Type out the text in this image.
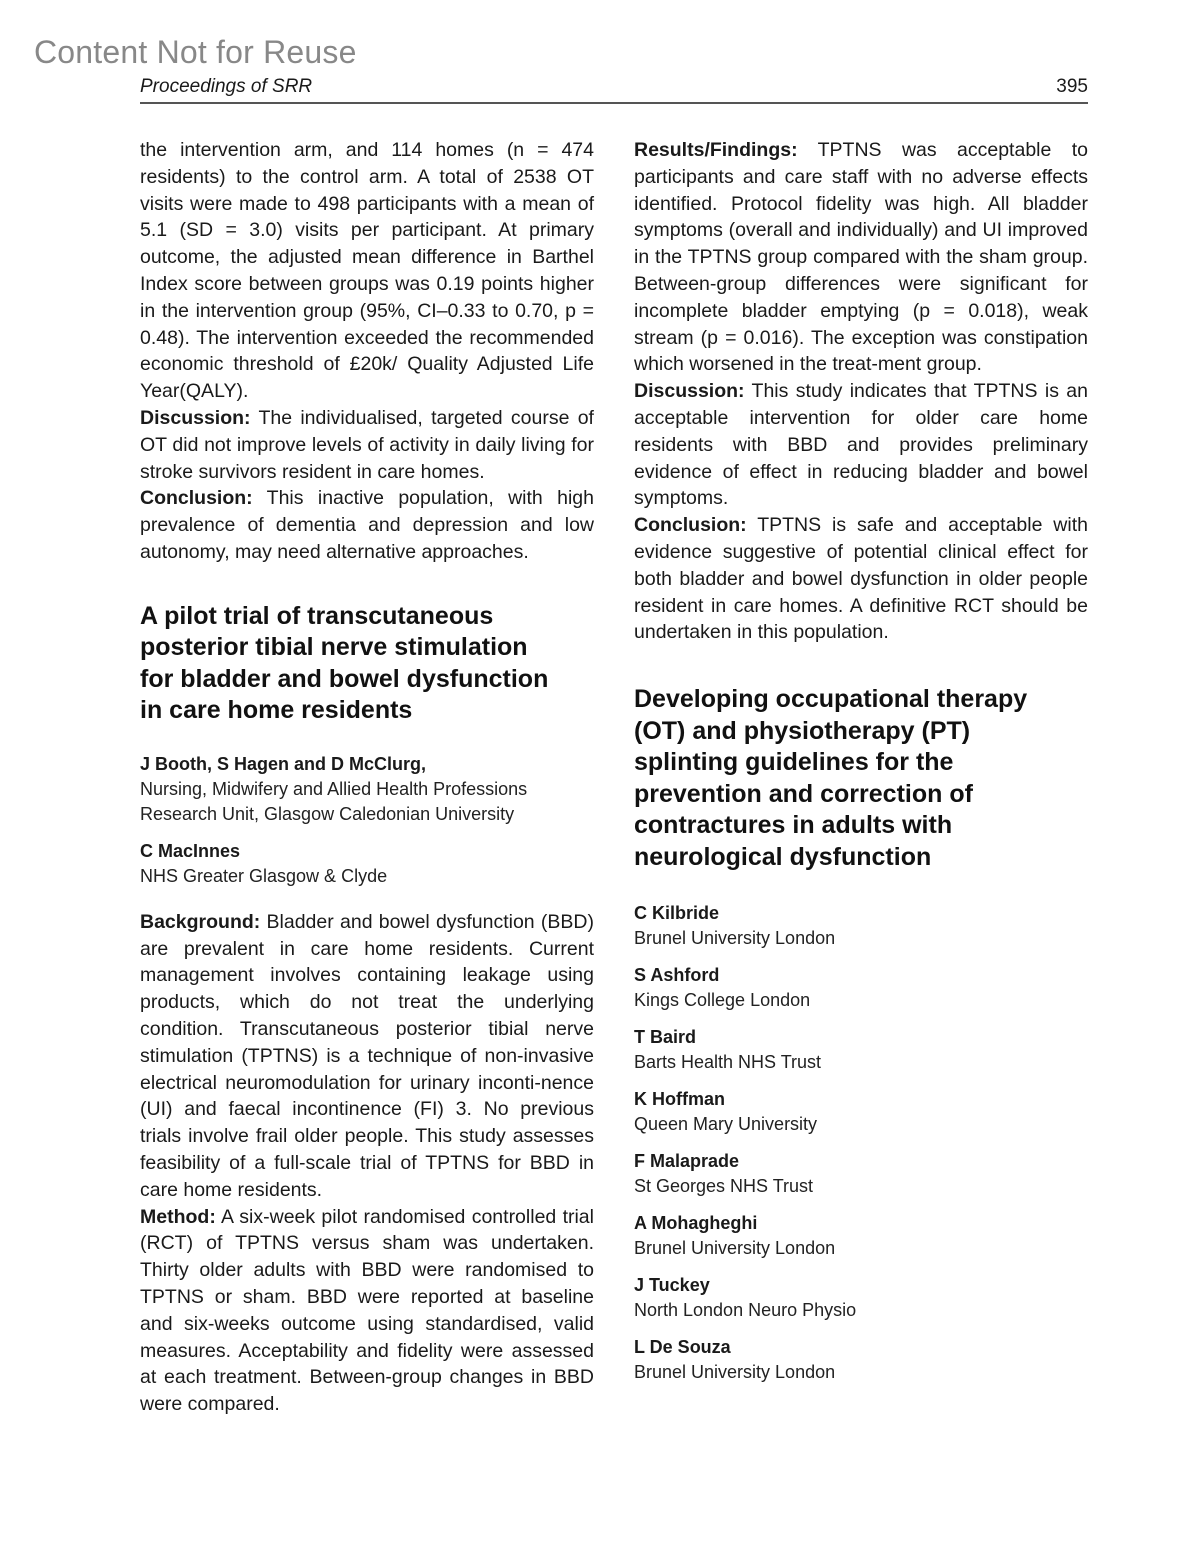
Content Not for Reuse
Proceedings of SRR	395

the intervention arm, and 114 homes (n = 474 residents) to the control arm. A total of 2538 OT visits were made to 498 participants with a mean of 5.1 (SD = 3.0) visits per participant. At primary outcome, the adjusted mean difference in Barthel Index score between groups was 0.19 points higher in the intervention group (95%, CI–0.33 to 0.70, p = 0.48). The intervention exceeded the recommended economic threshold of £20k/ Quality Adjusted Life Year(QALY).

Discussion: The individualised, targeted course of OT did not improve levels of activity in daily living for stroke survivors resident in care homes.

Conclusion: This inactive population, with high prevalence of dementia and depression and low autonomy, may need alternative approaches.

A pilot trial of transcutaneous posterior tibial nerve stimulation for bladder and bowel dysfunction in care home residents
J Booth, S Hagen and D McClurg,
Nursing, Midwifery and Allied Health Professions
Research Unit, Glasgow Caledonian University
C MacInnes
NHS Greater Glasgow & Clyde

Background: Bladder and bowel dysfunction (BBD) are prevalent in care home residents. Current management involves containing leakage using products, which do not treat the underlying condition. Transcutaneous posterior tibial nerve stimulation (TPTNS) is a technique of non-invasive electrical neuromodulation for urinary inconti-nence (UI) and faecal incontinence (FI) 3. No previous trials involve frail older people. This study assesses feasibility of a full-scale trial of TPTNS for BBD in care home residents.

Method: A six-week pilot randomised controlled trial (RCT) of TPTNS versus sham was undertaken. Thirty older adults with BBD were randomised to TPTNS or sham. BBD were reported at baseline and six-weeks outcome using standardised, valid measures. Acceptability and fidelity were assessed at each treatment. Between-group changes in BBD were compared.

Results/Findings: TPTNS was acceptable to participants and care staff with no adverse effects identified. Protocol fidelity was high. All bladder symptoms (overall and individually) and UI improved in the TPTNS group compared with the sham group. Between-group differences were significant for incomplete bladder emptying (p = 0.018), weak stream (p = 0.016). The exception was constipation which worsened in the treat-ment group.

Discussion: This study indicates that TPTNS is an acceptable intervention for older care home residents with BBD and provides preliminary evidence of effect in reducing bladder and bowel symptoms.

Conclusion: TPTNS is safe and acceptable with evidence suggestive of potential clinical effect for both bladder and bowel dysfunction in older people resident in care homes. A definitive RCT should be undertaken in this population.

Developing occupational therapy (OT) and physiotherapy (PT) splinting guidelines for the prevention and correction of contractures in adults with neurological dysfunction
C Kilbride
Brunel University London
S Ashford
Kings College London
T Baird
Barts Health NHS Trust
K Hoffman
Queen Mary University
F Malaprade
St Georges NHS Trust
A Mohagheghi
Brunel University London
J Tuckey
North London Neuro Physio
L De Souza
Brunel University London
